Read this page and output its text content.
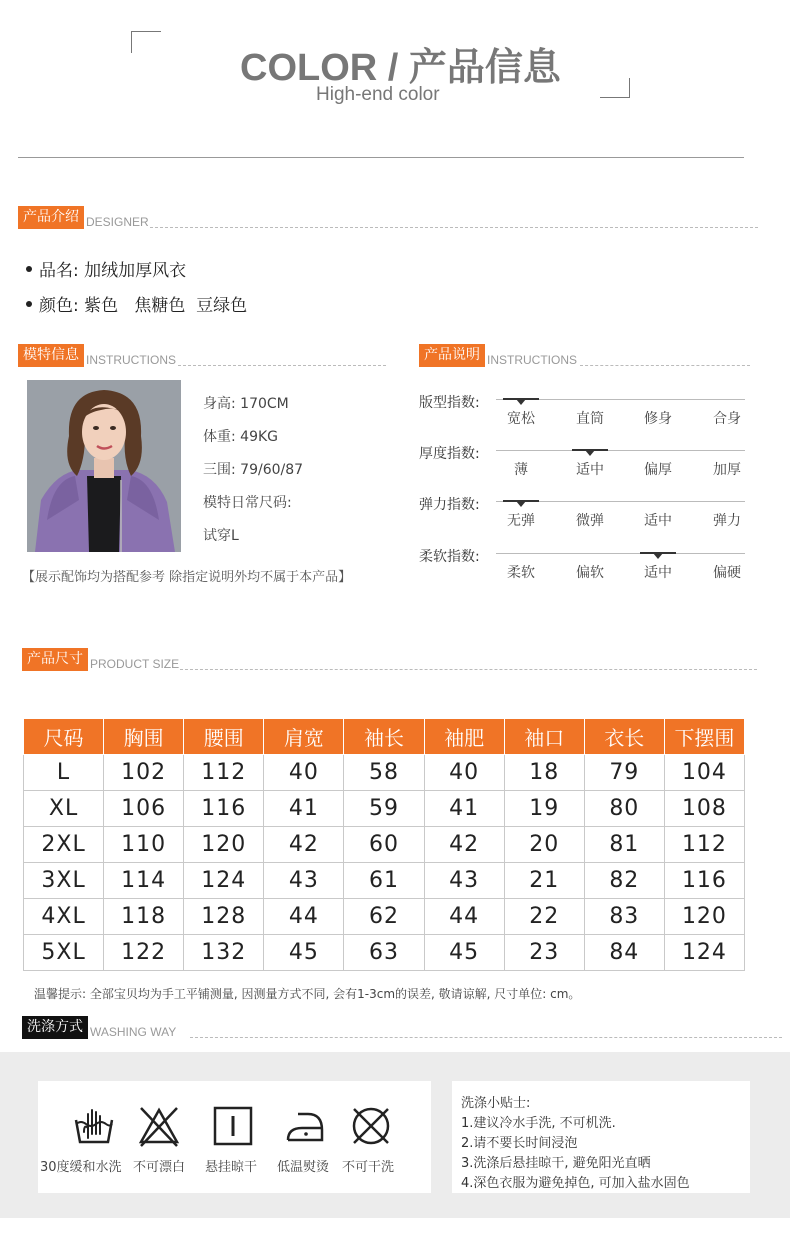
COLOR / 产品信息
High-end color
产品介绍 DESIGNER
品名: 加绒加厚风衣
颜色: 紫色   焦糖色  豆绿色
模特信息 INSTRUCTIONS
身高: 170CM
体重: 49KG
三围: 79/60/87
模特日常尺码:
试穿L
【展示配饰均为搭配参考 除指定说明外均不属于本产品】
产品说明 INSTRUCTIONS
版型指数:
宽松	直筒	修身	合身
厚度指数:
薄	适中	偏厚	加厚
弹力指数:
无弹	微弹	适中	弹力
柔软指数:
柔软	偏软	适中	偏硬
产品尺寸 PRODUCT SIZE
尺码	胸围	腰围	肩宽	袖长	袖肥	袖口	衣长	下摆围
L	102	112	40	58	40	18	79	104
XL	106	116	41	59	41	19	80	108
2XL	110	120	42	60	42	20	81	112
3XL	114	124	43	61	43	21	82	116
4XL	118	128	44	62	44	22	83	120
5XL	122	132	45	63	45	23	84	124
温馨提示: 全部宝贝均为手工平铺测量, 因测量方式不同, 会有1-3cm的误差, 敬请谅解, 尺寸单位: cm。
洗涤方式 WASHING WAY
30度缓和水洗 不可漂白 悬挂晾干 低温熨烫 不可干洗
洗涤小贴士:
1.建议冷水手洗, 不可机洗.
2.请不要长时间浸泡
3.洗涤后悬挂晾干, 避免阳光直晒
4.深色衣服为避免掉色, 可加入盐水固色
